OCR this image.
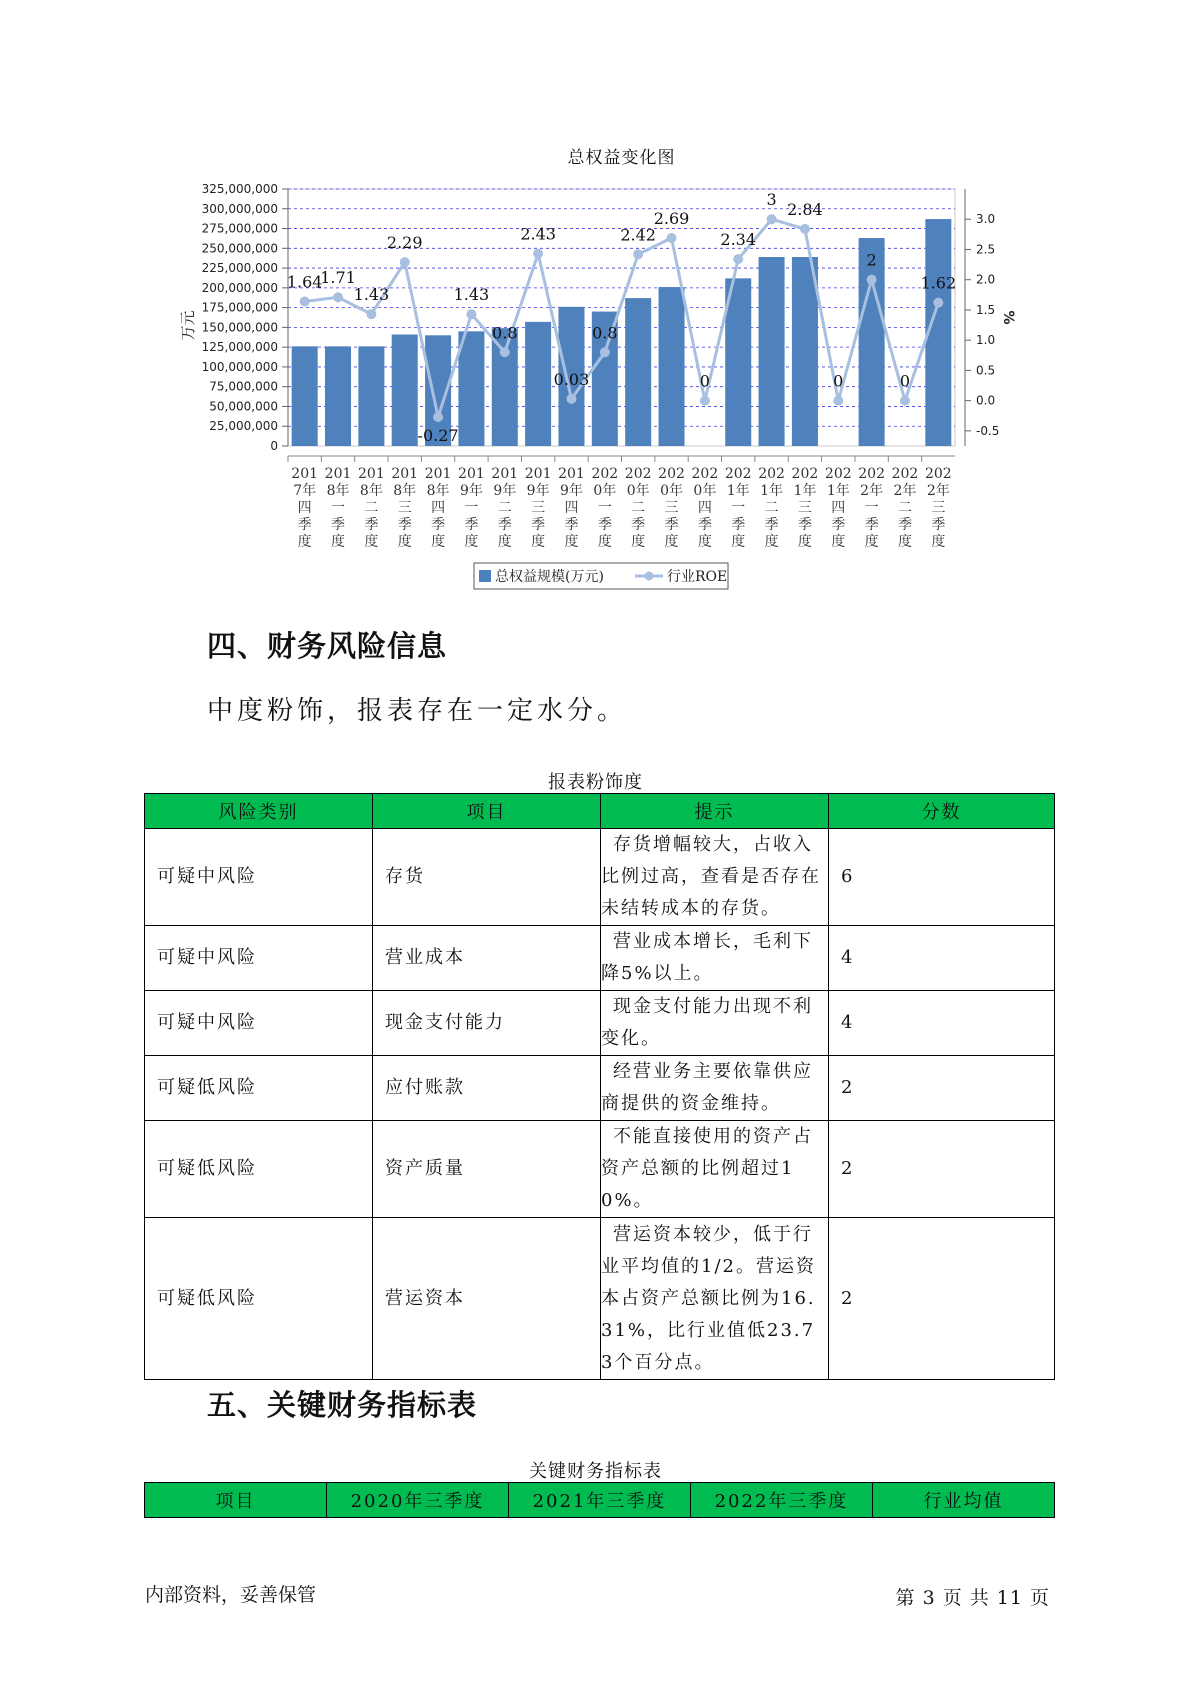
总权益变化图
0
25,000,000
50,000,000
75,000,000
100,000,000
125,000,000
150,000,000
175,000,000
200,000,000
225,000,000
250,000,000
275,000,000
300,000,000
325,000,000
万元
-0.5
0.0
0.5
1.0
1.5
2.0
2.5
3.0
%
201 7年四季度
201 8年一季度
201 8年二季度
201 8年三季度
201 8年四季度
201 9年一季度
201 9年二季度
201 9年三季度
201 9年四季度
202 0年一季度
202 0年二季度
202 0年三季度
202 0年四季度
202 1年一季度
202 1年二季度
202 1年三季度
202 1年四季度
202 2年一季度
202 2年二季度
202 2年三季度
1.64
1.71
1.43
2.29
-0.27
1.43
0.8
2.43
0.03
0.8
2.42
2.69
0
2.34
3
2.84
0
2
0
1.62
总权益规模(万元)	行业ROE
四、财务风险信息

中度粉饰，报表存在一定水分。

报表粉饰度
风险类别	项目	提示	分数
可疑中风险	存货	存货增幅较大，占收入比例过高，查看是否存在未结转成本的存货。	6
可疑中风险	营业成本	营业成本增长，毛利下降5%以上。	4
可疑中风险	现金支付能力	现金支付能力出现不利变化。	4
可疑低风险	应付账款	经营业务主要依靠供应商提供的资金维持。	2
可疑低风险	资产质量	不能直接使用的资产占资产总额的比例超过10%。	2
可疑低风险	营运资本	营运资本较少，低于行业平均值的1/2。营运资本占资产总额比例为16.31%，比行业值低23.73个百分点。	2
五、关键财务指标表
关键财务指标表
项目	2020年三季度	2021年三季度	2022年三季度	行业均值
内部资料，妥善保管	第 3 页 共 11 页
